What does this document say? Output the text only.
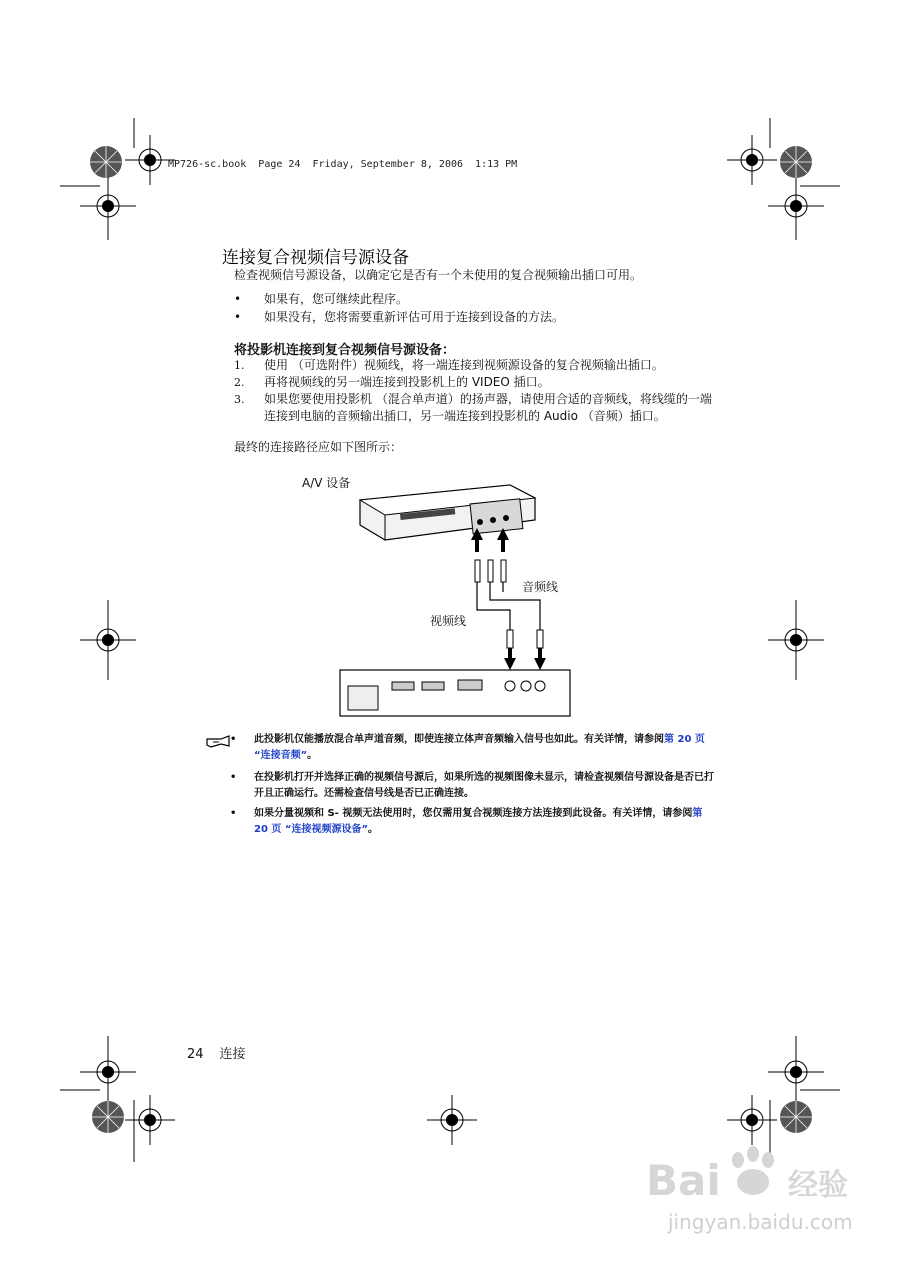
MP726-sc.book  Page 24  Friday, September 8, 2006  1:13 PM
连接复合视频信号源设备
检查视频信号源设备，以确定它是否有一个未使用的复合视频输出插口可用。
• 如果有，您可继续此程序。
• 如果没有，您将需要重新评估可用于连接到设备的方法。
将投影机连接到复合视频信号源设备：
1. 使用 （可选附件）视频线，将一端连接到视频源设备的复合视频输出插口。
2. 再将视频线的另一端连接到投影机上的 VIDEO 插口。
3. 如果您要使用投影机 （混合单声道）的扬声器，请使用合适的音频线，将线缆的一端连接到电脑的音频输出插口，另一端连接到投影机的 Audio （音频）插口。
最终的连接路径应如下图所示：
A/V 设备
音频线
视频线
• 此投影机仅能播放混合单声道音频，即使连接立体声音频输入信号也如此。有关详情，请参阅第 20 页 “连接音频”。
• 在投影机打开并选择正确的视频信号源后，如果所选的视频图像未显示，请检查视频信号源设备是否已打开且正确运行。还需检查信号线是否已正确连接。
• 如果分量视频和 S- 视频无法使用时，您仅需用复合视频连接方法连接到此设备。有关详情，请参阅第 20 页 “连接视频源设备”。
24 连接
Bai 经验
jingyan.baidu.com
